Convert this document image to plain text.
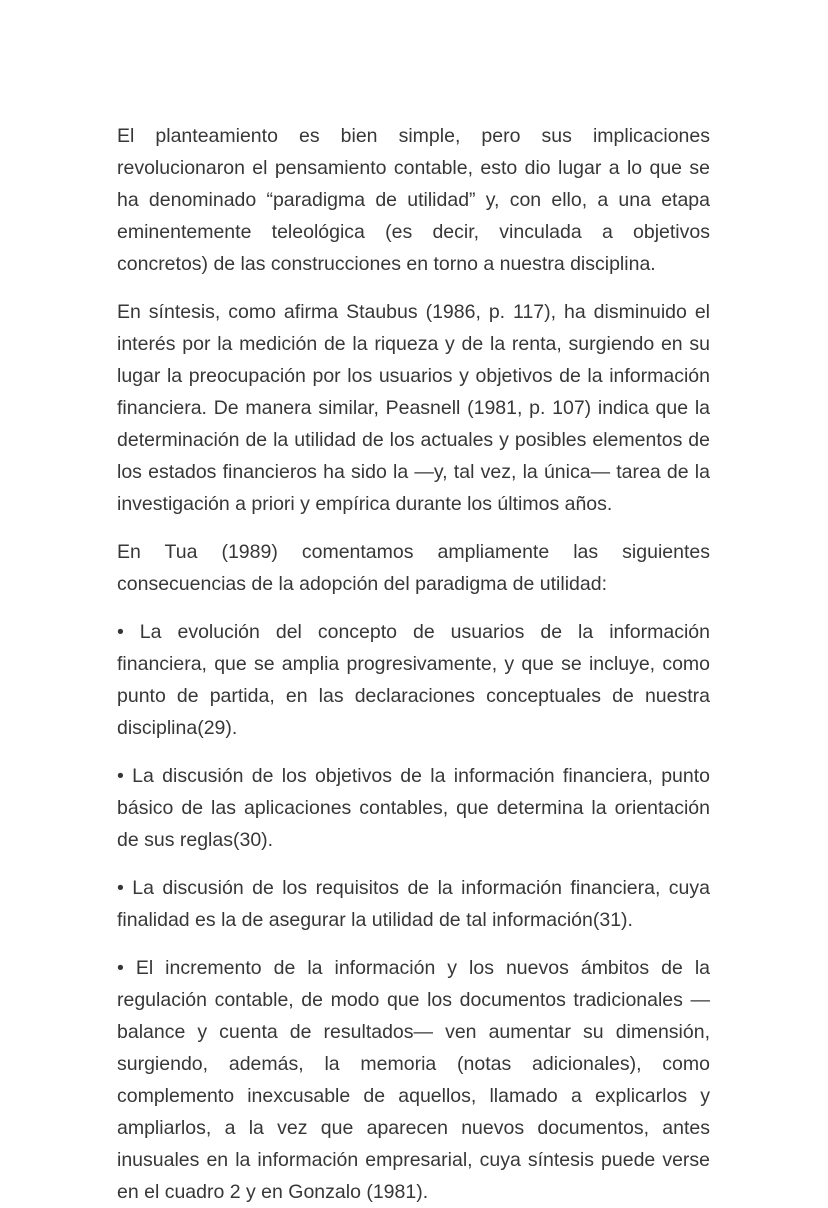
El planteamiento es bien simple, pero sus implicaciones revolucionaron el pensamiento contable, esto dio lugar a lo que se ha denominado “paradigma de utilidad” y, con ello, a una etapa eminentemente teleológica (es decir, vinculada a objetivos concretos) de las construcciones en torno a nuestra disciplina.

En síntesis, como afirma Staubus (1986, p. 117), ha disminuido el interés por la medición de la riqueza y de la renta, surgiendo en su lugar la preocupación por los usuarios y objetivos de la información financiera. De manera similar, Peasnell (1981, p. 107) indica que la determinación de la utilidad de los actuales y posibles elementos de los estados financieros ha sido la —y, tal vez, la única— tarea de la investigación a priori y empírica durante los últimos años.

En Tua (1989) comentamos ampliamente las siguientes consecuencias de la adopción del paradigma de utilidad:

• La evolución del concepto de usuarios de la información financiera, que se amplia progresivamente, y que se incluye, como punto de partida, en las declaraciones conceptuales de nuestra disciplina(29).

• La discusión de los objetivos de la información financiera, punto básico de las aplicaciones contables, que determina la orientación de sus reglas(30).

• La discusión de los requisitos de la información financiera, cuya finalidad es la de asegurar la utilidad de tal información(31).

• El incremento de la información y los nuevos ámbitos de la regulación contable, de modo que los documentos tradicionales —balance y cuenta de resultados— ven aumentar su dimensión, surgiendo, además, la memoria (notas adicionales), como complemento inexcusable de aquellos, llamado a explicarlos y ampliarlos, a la vez que aparecen nuevos documentos, antes inusuales en la información empresarial, cuya síntesis puede verse en el cuadro 2 y en Gonzalo (1981).
